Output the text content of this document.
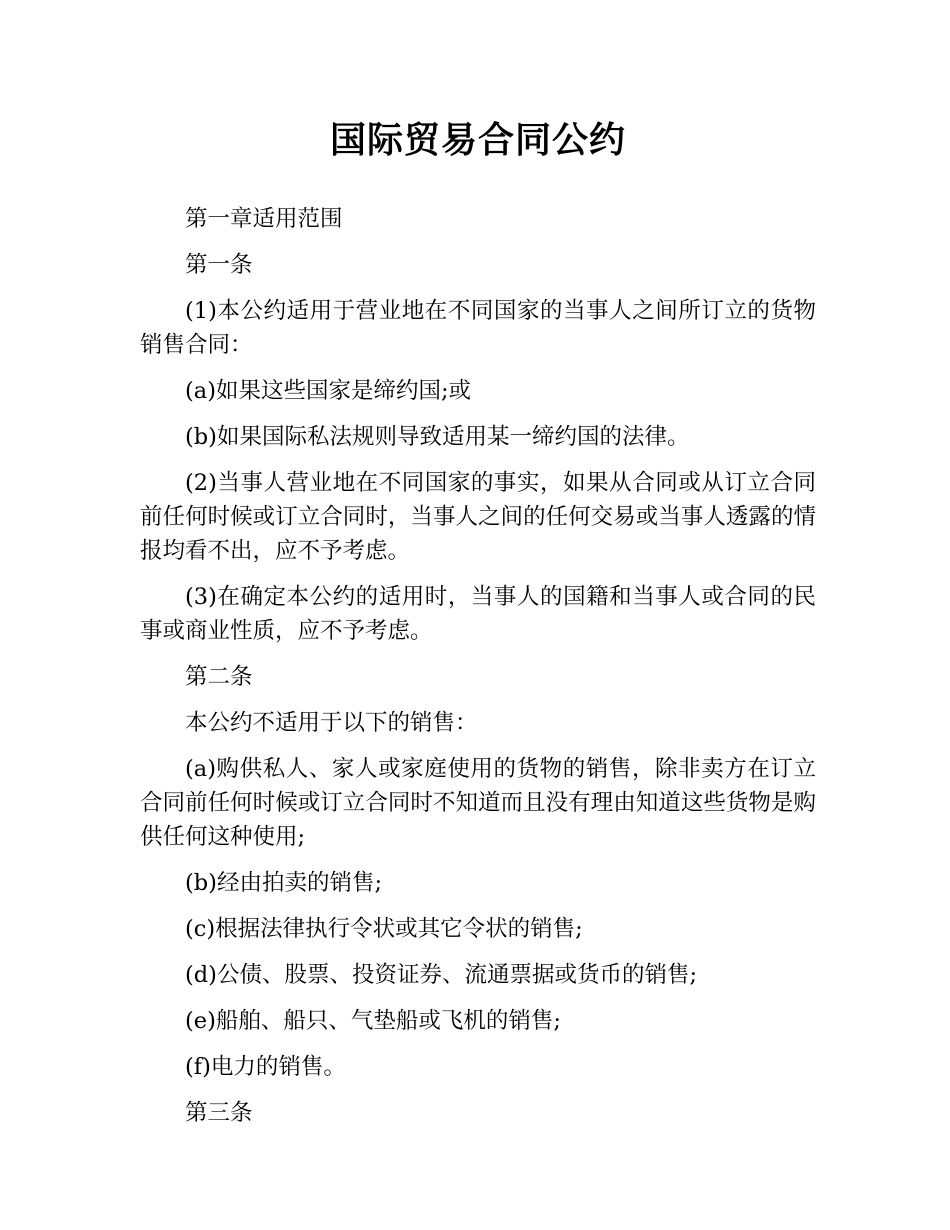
国际贸易合同公约

第一章适用范围

第一条

(1)本公约适用于营业地在不同国家的当事人之间所订立的货物销售合同：

(a)如果这些国家是缔约国;或

(b)如果国际私法规则导致适用某一缔约国的法律。

(2)当事人营业地在不同国家的事实，如果从合同或从订立合同前任何时候或订立合同时，当事人之间的任何交易或当事人透露的情报均看不出，应不予考虑。

(3)在确定本公约的适用时，当事人的国籍和当事人或合同的民事或商业性质，应不予考虑。

第二条

本公约不适用于以下的销售：

(a)购供私人、家人或家庭使用的货物的销售，除非卖方在订立合同前任何时候或订立合同时不知道而且没有理由知道这些货物是购供任何这种使用;

(b)经由拍卖的销售;

(c)根据法律执行令状或其它令状的销售;

(d)公债、股票、投资证券、流通票据或货币的销售;

(e)船舶、船只、气垫船或飞机的销售;

(f)电力的销售。

第三条
